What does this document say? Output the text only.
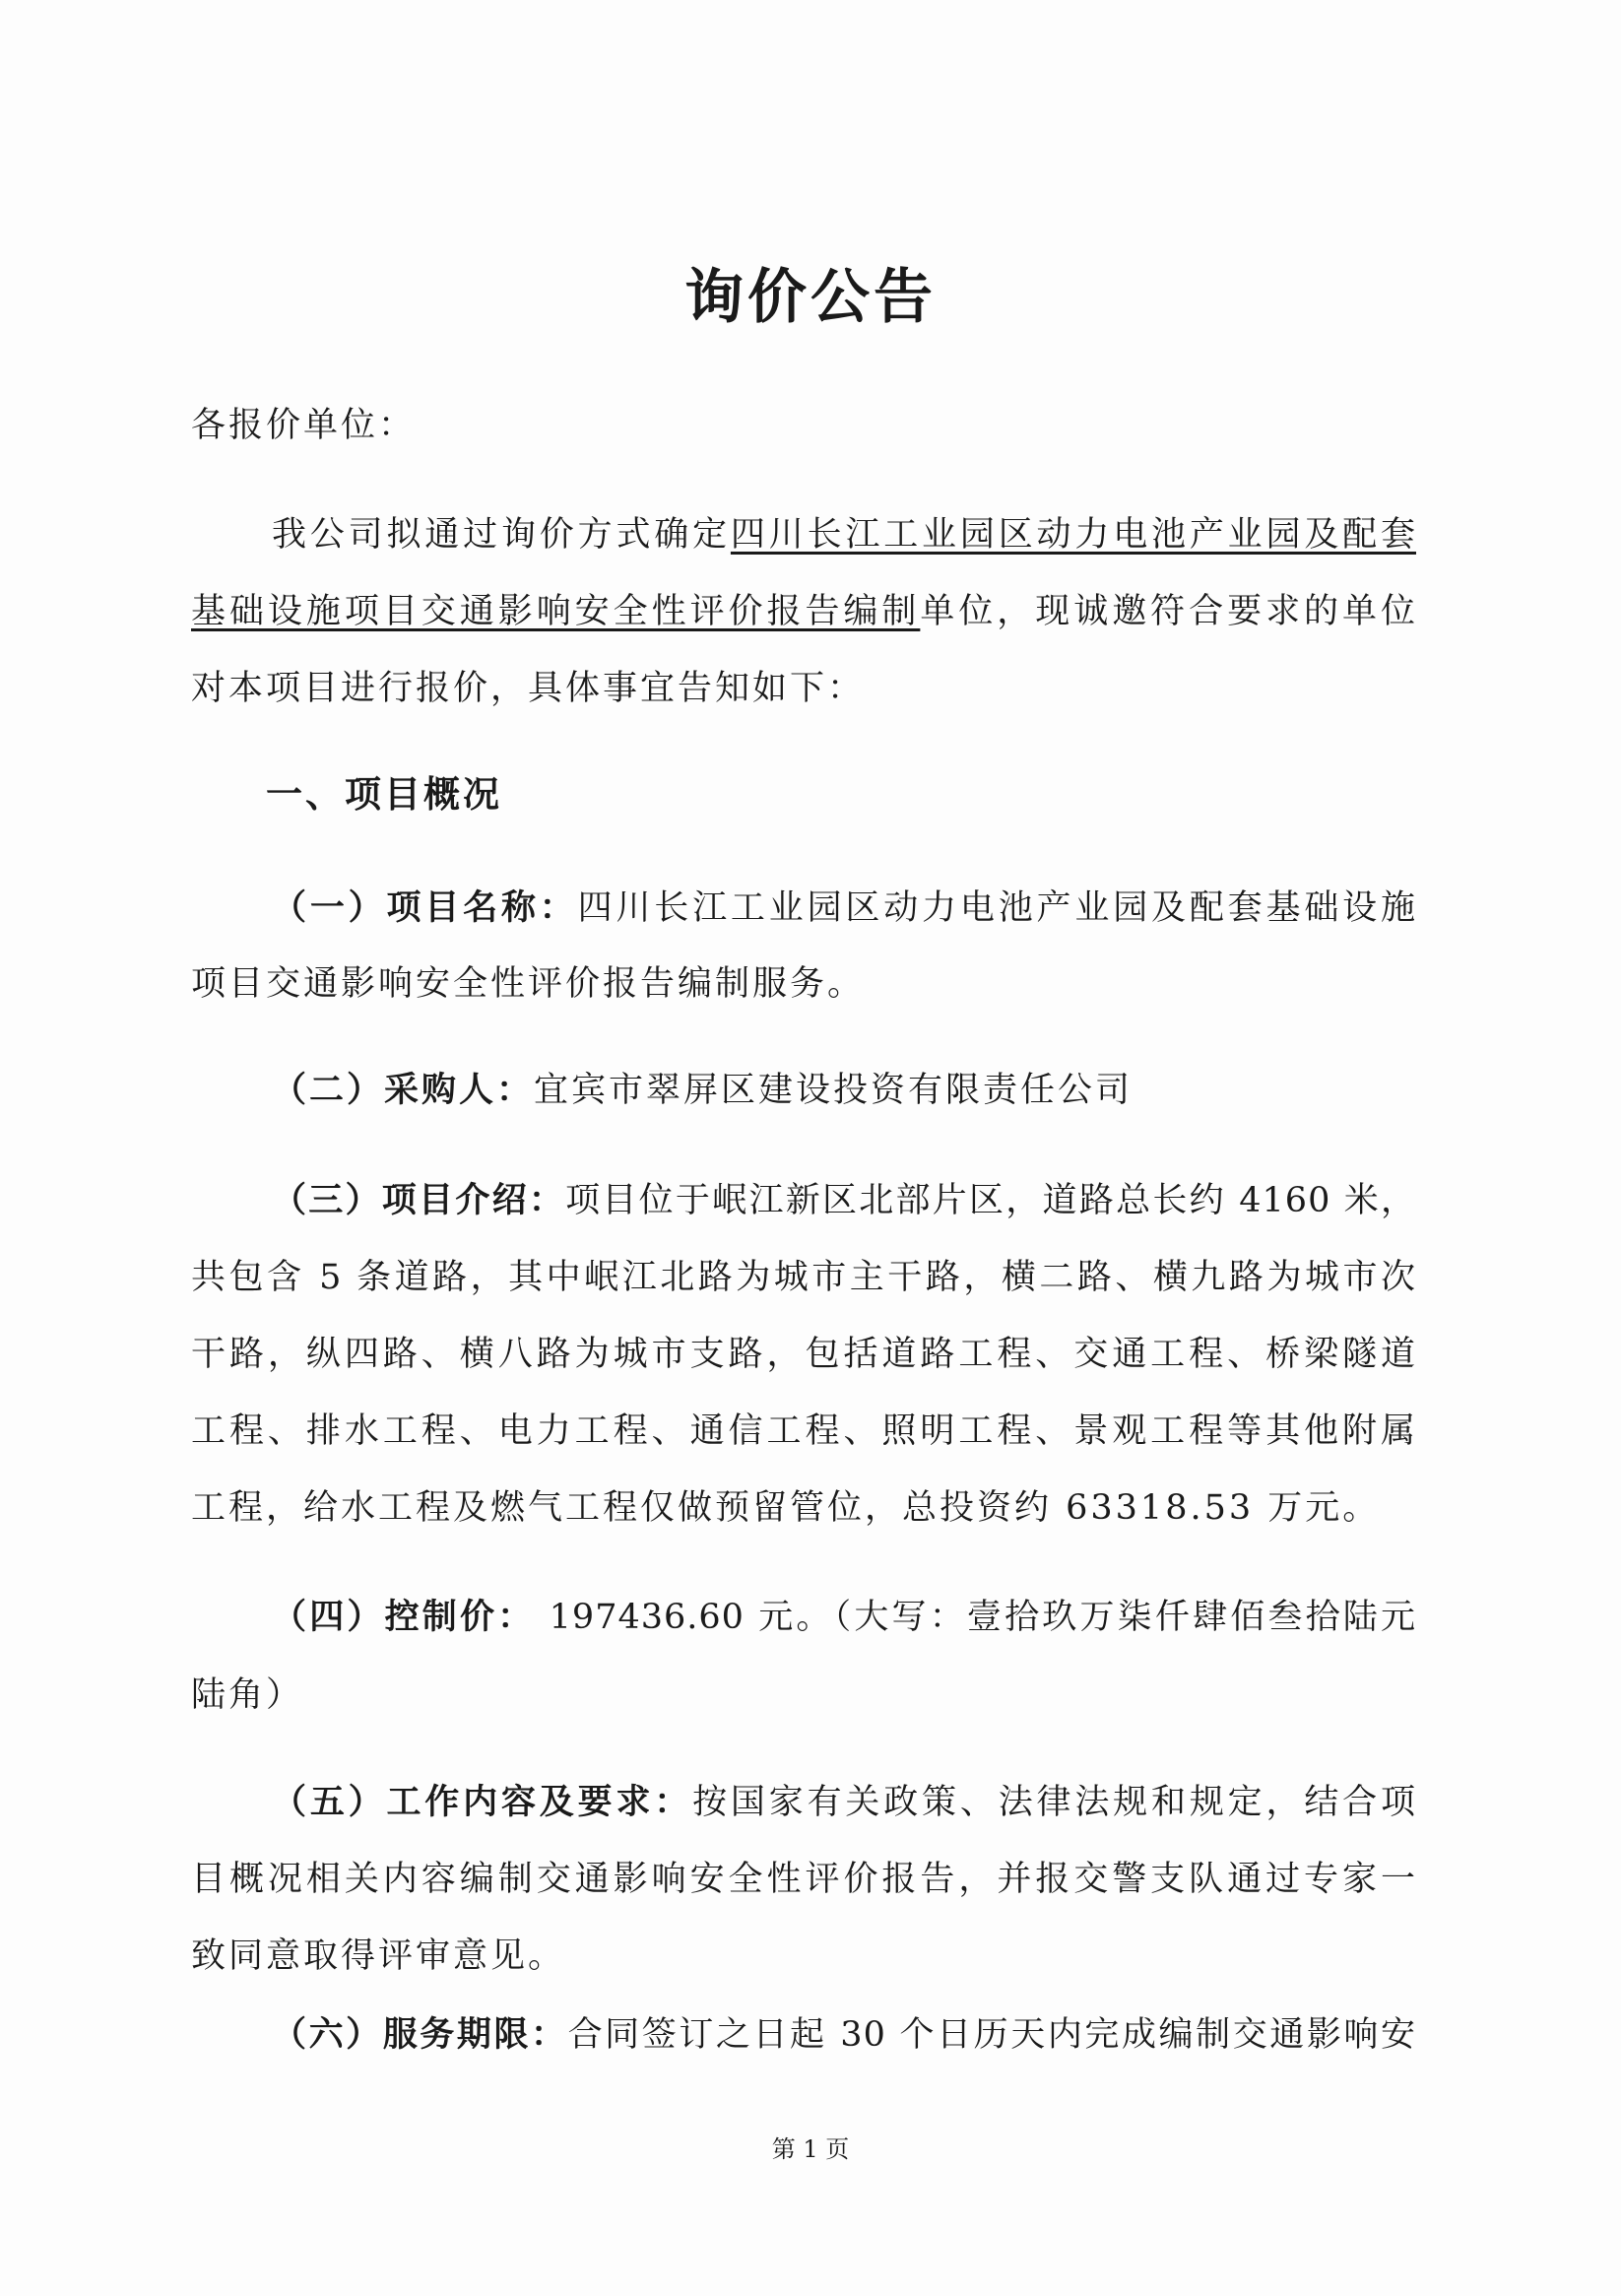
询价公告
各报价单位：
我公司拟通过询价方式确定四川长江工业园区动力电池产业园及配套
基础设施项目交通影响安全性评价报告编制单位，现诚邀符合要求的单位
对本项目进行报价，具体事宜告知如下：
一、项目概况
（一）项目名称：四川长江工业园区动力电池产业园及配套基础设施
项目交通影响安全性评价报告编制服务。
（二）采购人：宜宾市翠屏区建设投资有限责任公司
（三）项目介绍：项目位于岷江新区北部片区，道路总长约 4160 米，
共包含 5 条道路，其中岷江北路为城市主干路，横二路、横九路为城市次
干路，纵四路、横八路为城市支路，包括道路工程、交通工程、桥梁隧道
工程、排水工程、电力工程、通信工程、照明工程、景观工程等其他附属
工程，给水工程及燃气工程仅做预留管位，总投资约 63318.53 万元。
（四）控制价： 197436.60 元。（大写：壹拾玖万柒仟肆佰叁拾陆元
陆角）
（五）工作内容及要求：按国家有关政策、法律法规和规定，结合项
目概况相关内容编制交通影响安全性评价报告，并报交警支队通过专家一
致同意取得评审意见。
（六）服务期限：合同签订之日起 30 个日历天内完成编制交通影响安
第 1 页
